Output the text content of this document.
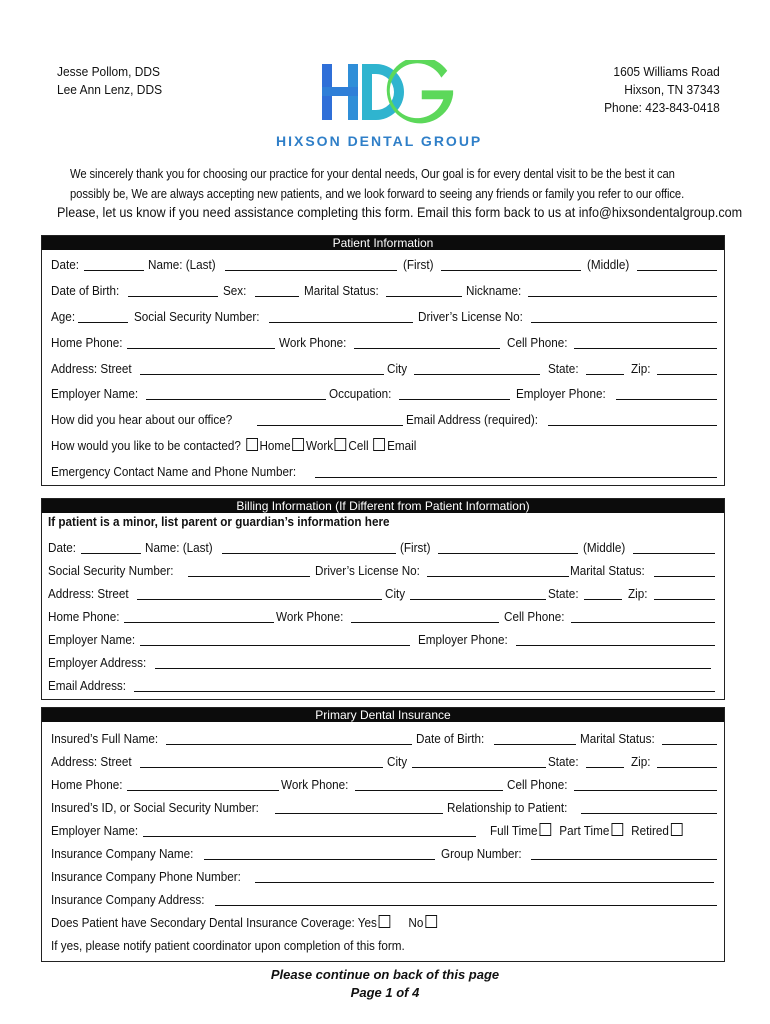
Jesse Pollom, DDS
Lee Ann Lenz, DDS
HIXSON DENTAL GROUP
1605 Williams Road
Hixson, TN 37343
Phone: 423-843-0418
We sincerely thank you for choosing our practice for your dental needs, Our goal is for every dental visit to be the best it can
possibly be, We are always accepting new patients, and we look forward to seeing any friends or family you refer to our office.
Please, let us know if you need assistance completing this form. Email this form back to us at info@hixsondentalgroup.com
Patient Information
Date:	Name: (Last)	(First)	(Middle)
Date of Birth:	Sex:	Marital Status:	Nickname:
Age:	Social Security Number:	Driver’s License No:
Home Phone:	Work Phone:	Cell Phone:
Address: Street	City	State:	Zip:
Employer Name:	Occupation:	Employer Phone:
How did you hear about our office?	Email Address (required):
How would you like to be contacted? Home Work Cell Email
Emergency Contact Name and Phone Number:
Billing Information (If Different from Patient Information)
If patient is a minor, list parent or guardian’s information here
Date:	Name: (Last)	(First)	(Middle)
Social Security Number:	Driver’s License No:	Marital Status:
Address: Street	City	State:	Zip:
Home Phone:	Work Phone:	Cell Phone:
Employer Name:	Employer Phone:
Employer Address:
Email Address:
Primary Dental Insurance
Insured’s Full Name:	Date of Birth:	Marital Status:
Address: Street	City	State:	Zip:
Home Phone:	Work Phone:	Cell Phone:
Insured’s ID, or Social Security Number:	Relationship to Patient:
Employer Name:	Full Time Part Time Retired
Insurance Company Name:	Group Number:
Insurance Company Phone Number:
Insurance Company Address:
Does Patient have Secondary Dental Insurance Coverage: Yes No
If yes, please notify patient coordinator upon completion of this form.
Please continue on back of this page
Page 1 of 4
